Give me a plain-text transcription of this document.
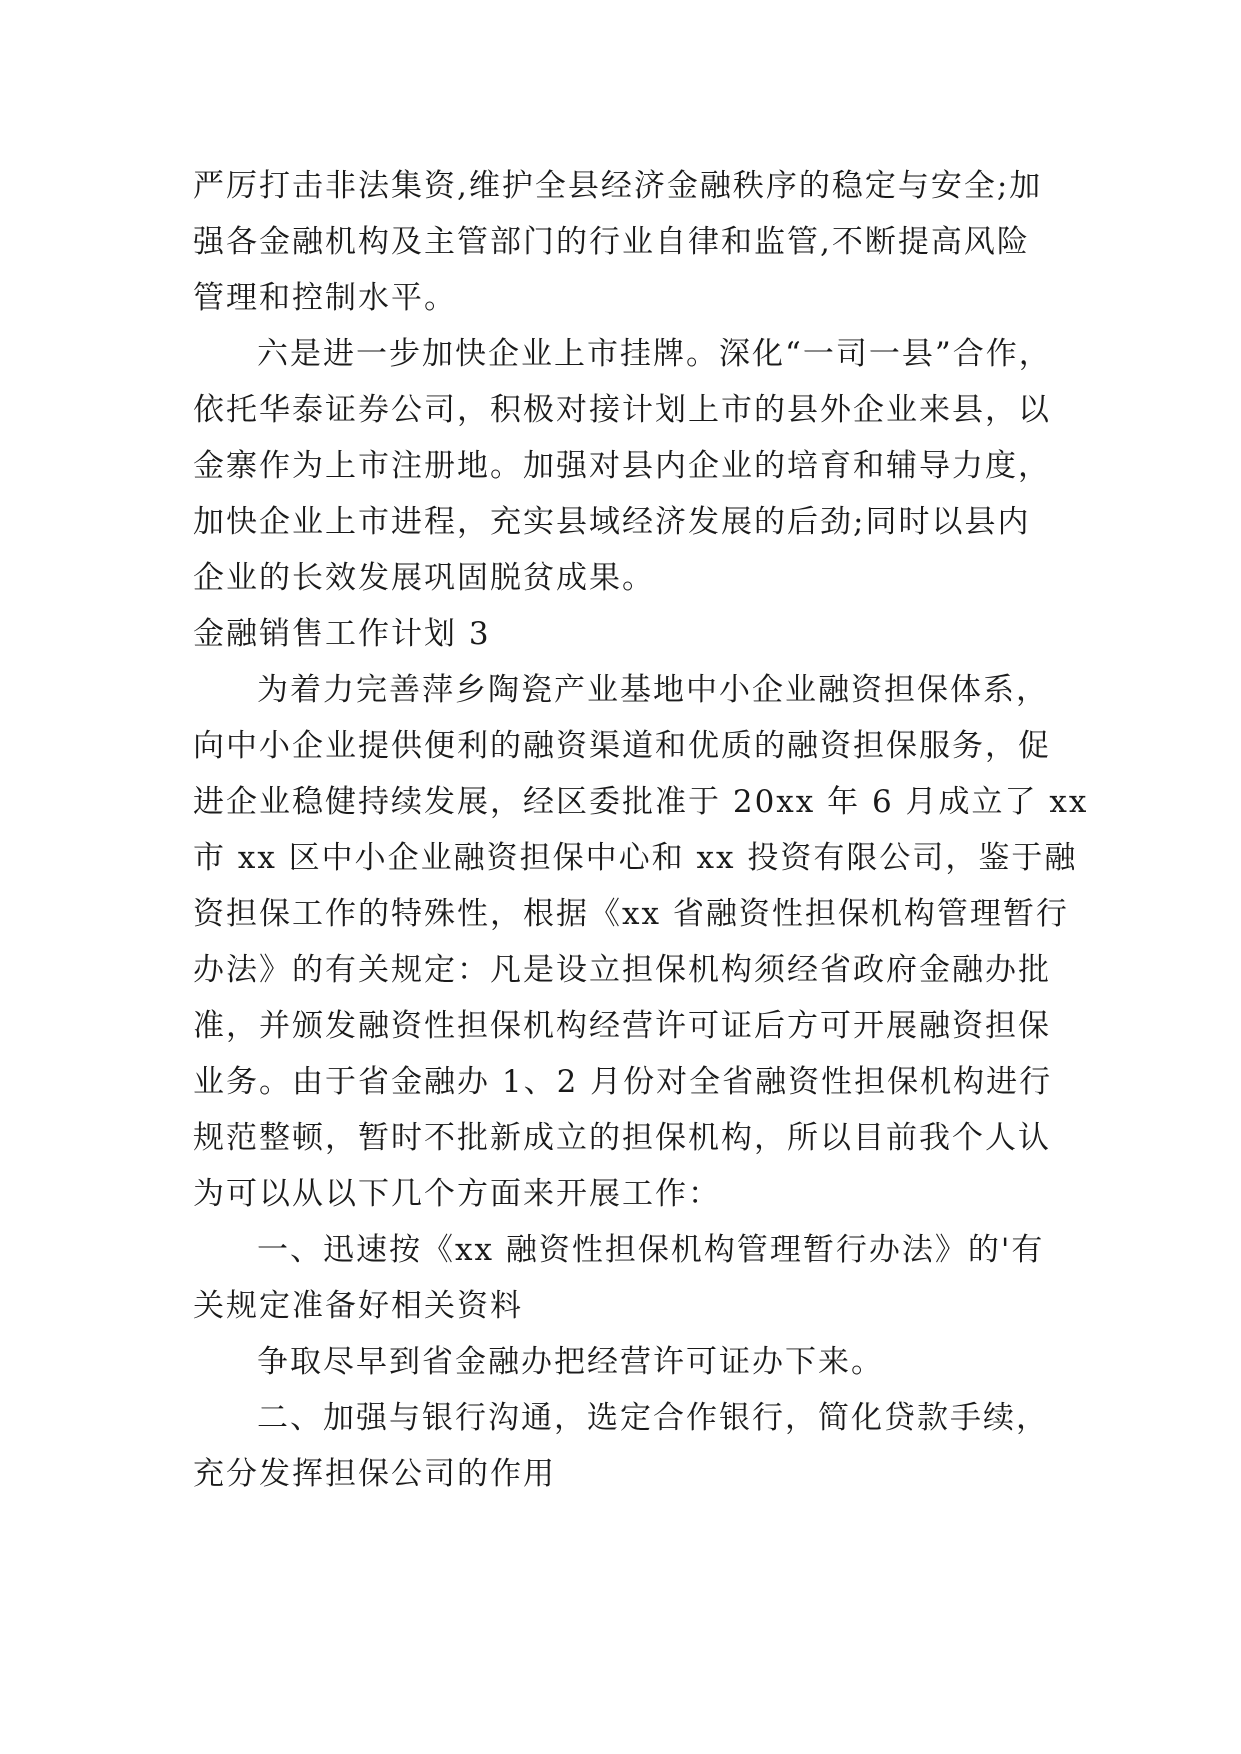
严厉打击非法集资,维护全县经济金融秩序的稳定与安全;加
强各金融机构及主管部门的行业自律和监管,不断提高风险
管理和控制水平。
六是进一步加快企业上市挂牌。深化“一司一县”合作，
依托华泰证券公司，积极对接计划上市的县外企业来县，以
金寨作为上市注册地。加强对县内企业的培育和辅导力度，
加快企业上市进程，充实县域经济发展的后劲;同时以县内
企业的长效发展巩固脱贫成果。
金融销售工作计划 3
为着力完善萍乡陶瓷产业基地中小企业融资担保体系，
向中小企业提供便利的融资渠道和优质的融资担保服务，促
进企业稳健持续发展，经区委批准于 20xx 年 6 月成立了 xx
市 xx 区中小企业融资担保中心和 xx 投资有限公司，鉴于融
资担保工作的特殊性，根据《xx 省融资性担保机构管理暂行
办法》的有关规定：凡是设立担保机构须经省政府金融办批
准，并颁发融资性担保机构经营许可证后方可开展融资担保
业务。由于省金融办 1、2 月份对全省融资性担保机构进行
规范整顿，暂时不批新成立的担保机构，所以目前我个人认
为可以从以下几个方面来开展工作：
一、迅速按《xx 融资性担保机构管理暂行办法》的'有
关规定准备好相关资料
争取尽早到省金融办把经营许可证办下来。
二、加强与银行沟通，选定合作银行，简化贷款手续，
充分发挥担保公司的作用
